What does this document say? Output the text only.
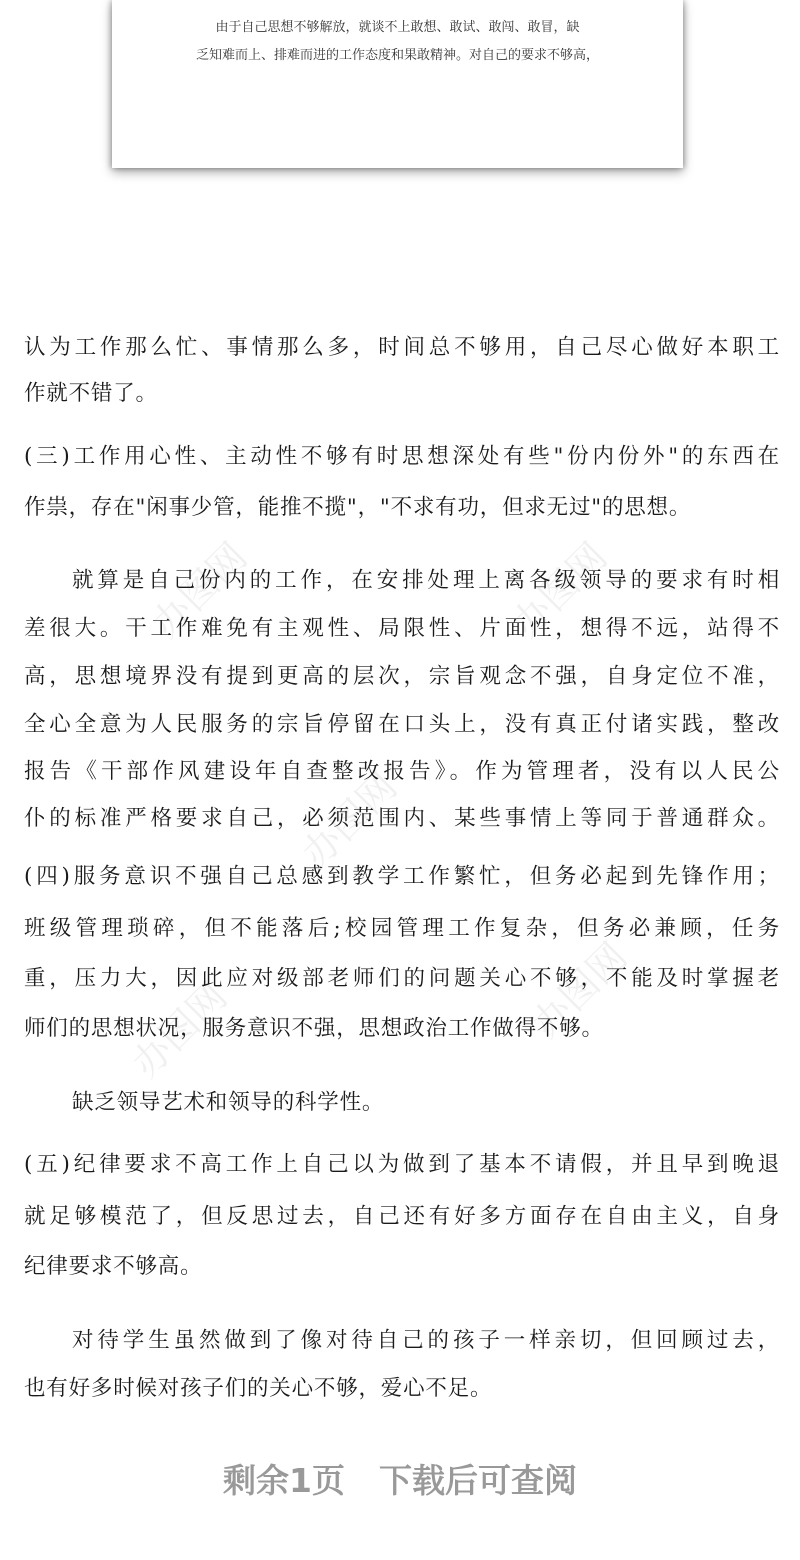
由于自己思想不够解放，就谈不上敢想、敢试、敢闯、敢冒，缺
乏知难而上、排难而进的工作态度和果敢精神。对自己的要求不够高，
办图网	办图网
办图网
办图网	办图网
认为工作那么忙、事情那么多，时间总不够用，自己尽心做好本职工
作就不错了。
(三)工作用心性、主动性不够有时思想深处有些"份内份外"的东西在
作祟，存在"闲事少管，能推不揽"，"不求有功，但求无过"的思想。
就算是自己份内的工作，在安排处理上离各级领导的要求有时相
差很大。干工作难免有主观性、局限性、片面性，想得不远，站得不
高，思想境界没有提到更高的层次，宗旨观念不强，自身定位不准，
全心全意为人民服务的宗旨停留在口头上，没有真正付诸实践，整改
报告《干部作风建设年自查整改报告》。作为管理者，没有以人民公
仆的标准严格要求自己，必须范围内、某些事情上等同于普通群众。
(四)服务意识不强自己总感到教学工作繁忙，但务必起到先锋作用；
班级管理琐碎，但不能落后;校园管理工作复杂，但务必兼顾，任务
重，压力大，因此应对级部老师们的问题关心不够，不能及时掌握老
师们的思想状况，服务意识不强，思想政治工作做得不够。
缺乏领导艺术和领导的科学性。
(五)纪律要求不高工作上自己以为做到了基本不请假，并且早到晚退
就足够模范了，但反思过去，自己还有好多方面存在自由主义，自身
纪律要求不够高。
对待学生虽然做到了像对待自己的孩子一样亲切，但回顾过去，
也有好多时候对孩子们的关心不够，爱心不足。
剩余1页 下载后可查阅
